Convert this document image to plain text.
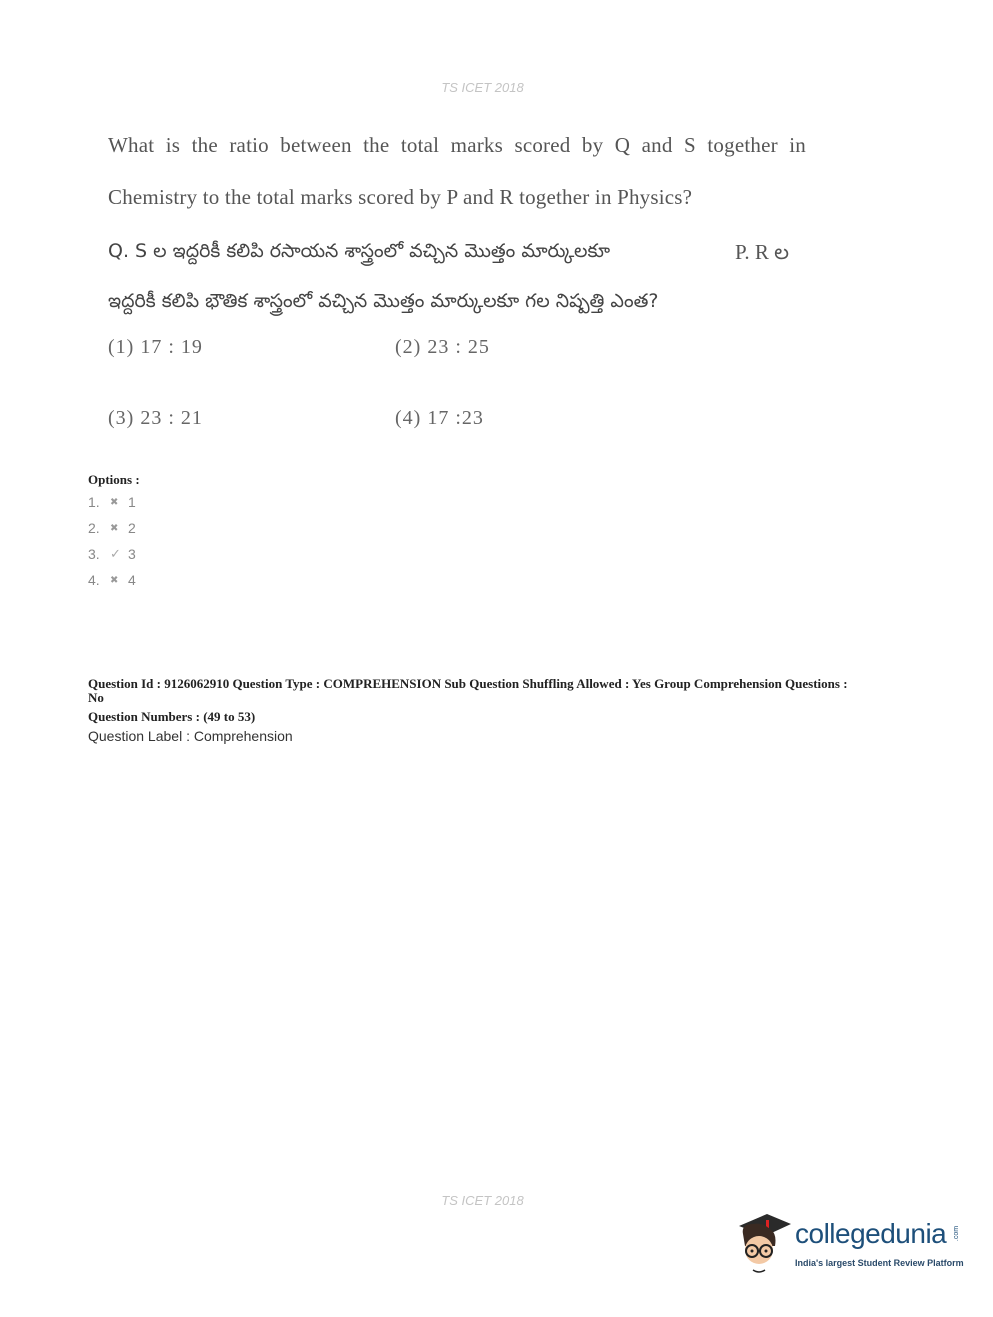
TS ICET 2018
What is the ratio between the total marks scored by Q and S together in
Chemistry to the total marks scored by P and R together in Physics?
Q. S ల ఇద్దరికీ కలిపి రసాయన శాస్త్రంలో వచ్చిన మొత్తం మార్కులకూ	P. R ల
ఇద్దరికీ కలిపి భౌతిక శాస్త్రంలో వచ్చిన మొత్తం మార్కులకూ గల నిష్పత్తి ఎంత?
(1) 17 : 19	(2) 23 : 25
(3) 23 : 21	(4) 17 :23
Options :
1.	✖ 1
2.	✖ 2
3. ✓ 3
4.	✖ 4
Question Id : 9126062910 Question Type : COMPREHENSION Sub Question Shuffling Allowed : Yes Group Comprehension Questions : No
Question Numbers : (49 to 53)
Question Label : Comprehension
TS ICET 2018
collegedunia .com
India's largest Student Review Platform
